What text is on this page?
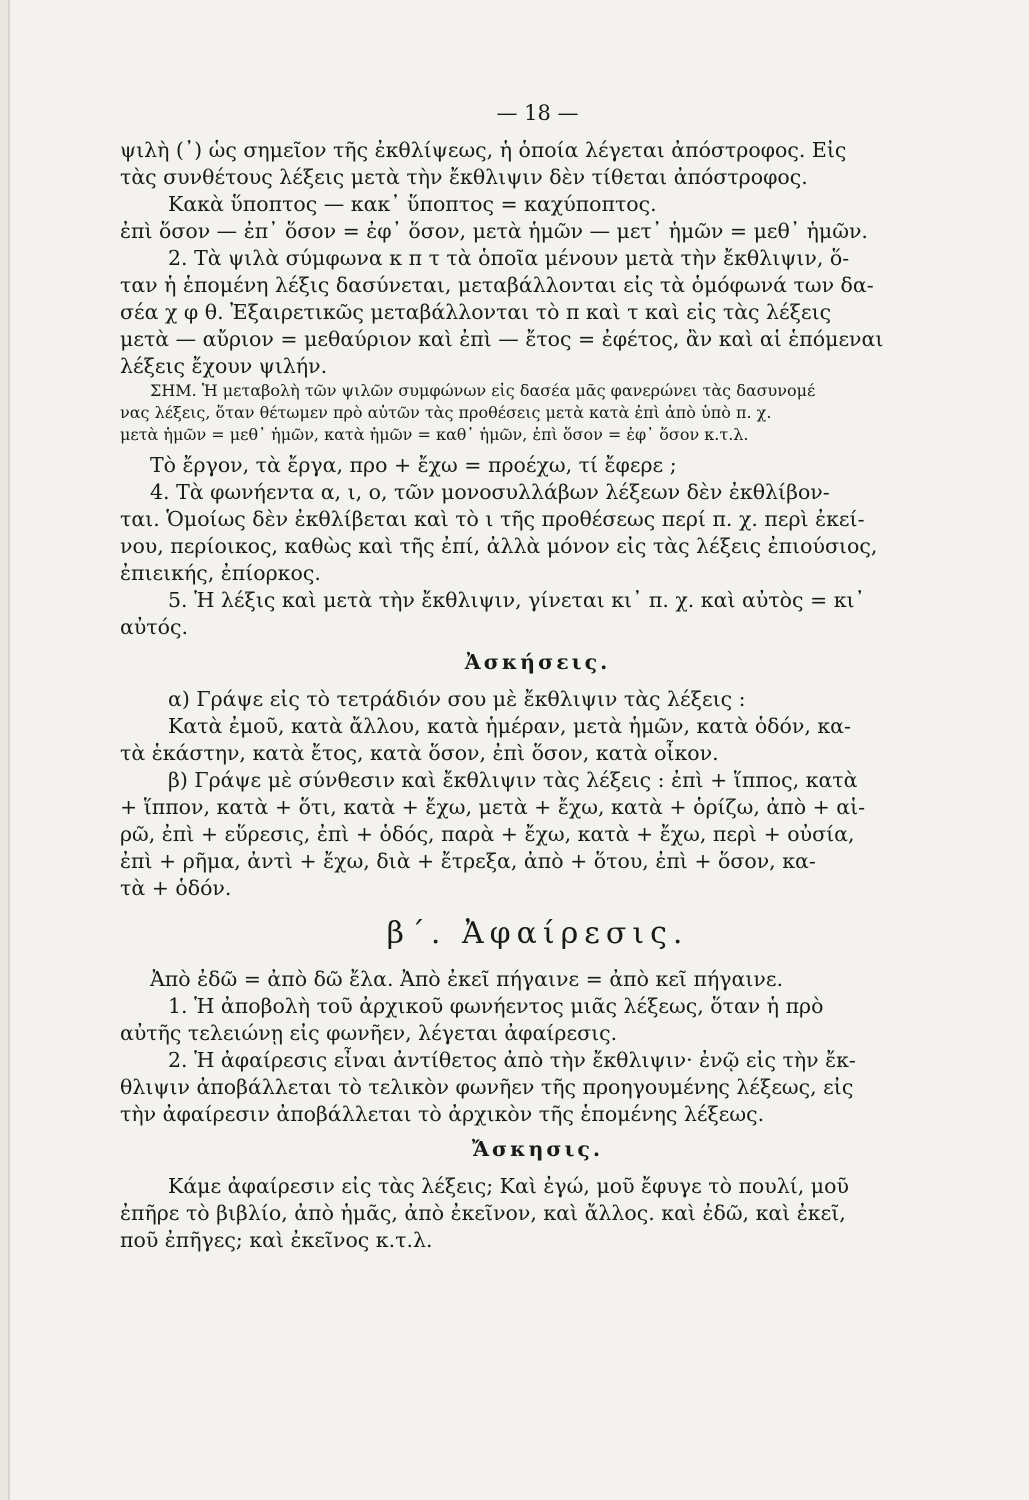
— 18 —
ψιλὴ (᾿) ὡς σημεῖον τῆς ἐκθλίψεως, ἡ ὁποία λέγεται ἀπόστροφος. Εἰς
τὰς συνθέτους λέξεις μετὰ τὴν ἔκθλιψιν δὲν τίθεται ἀπόστροφος.
Κακὰ ὕποπτος — κακ᾿ ὕποπτος = καχύποπτος.
ἐπὶ ὅσον — ἐπ᾿ ὅσον = ἐφ᾿ ὅσον, μετὰ ἡμῶν — μετ᾿ ἡμῶν = μεθ᾿ ἡμῶν.
2. Τὰ ψιλὰ σύμφωνα κ π τ τὰ ὁποῖα μένουν μετὰ τὴν ἔκθλιψιν, ὅ-
ταν ἡ ἑπομένη λέξις δασύνεται, μεταβάλλονται εἰς τὰ ὁμόφωνά των δα-
σέα χ φ θ. Ἐξαιρετικῶς μεταβάλλονται τὸ π καὶ τ καὶ εἰς τὰς λέξεις
μετὰ — αὔριον = μεθαύριον καὶ ἐπὶ — ἔτος = ἐφέτος, ἂν καὶ αἱ ἑπόμεναι
λέξεις ἔχουν ψιλήν.
ΣΗΜ. Ἡ μεταβολὴ τῶν ψιλῶν συμφώνων εἰς δασέα μᾶς φανερώνει τὰς δασυνομέ
νας λέξεις, ὅταν θέτωμεν πρὸ αὐτῶν τὰς προθέσεις μετὰ κατὰ ἐπὶ ἀπὸ ὑπὸ π. χ.
μετὰ ἡμῶν = μεθ᾿ ἡμῶν, κατὰ ἡμῶν = καθ᾿ ἡμῶν, ἐπὶ ὅσον = ἐφ᾿ ὅσον κ.τ.λ.
Τὸ ἔργον, τὰ ἔργα, προ + ἔχω = προέχω, τί ἔφερε ;
4. Τὰ φωνήεντα α, ι, ο, τῶν μονοσυλλάβων λέξεων δὲν ἐκθλίβον-
ται. Ὁμοίως δὲν ἐκθλίβεται καὶ τὸ ι τῆς προθέσεως περί π. χ. περὶ ἐκεί-
νου, περίοικος, καθὼς καὶ τῆς ἐπί, ἀλλὰ μόνον εἰς τὰς λέξεις ἐπιούσιος,
ἐπιεικής, ἐπίορκος.
5. Ἡ λέξις καὶ μετὰ τὴν ἔκθλιψιν, γίνεται κι᾿ π. χ. καὶ αὐτὸς = κι᾿
αὐτός.
Ἀσκήσεις.
α) Γράψε εἰς τὸ τετράδιόν σου μὲ ἔκθλιψιν τὰς λέξεις :
Κατὰ ἐμοῦ, κατὰ ἄλλου, κατὰ ἡμέραν, μετὰ ἡμῶν, κατὰ ὁδόν, κα-
τὰ ἑκάστην, κατὰ ἔτος, κατὰ ὅσον, ἐπὶ ὅσον, κατὰ οἶκον.
β) Γράψε μὲ σύνθεσιν καὶ ἔκθλιψιν τὰς λέξεις : ἐπὶ + ἵππος, κατὰ
+ ἵππον, κατὰ + ὅτι, κατὰ + ἔχω, μετὰ + ἔχω, κατὰ + ὁρίζω, ἀπὸ + αἱ-
ρῶ, ἐπὶ + εὕρεσις, ἐπὶ + ὁδός, παρὰ + ἔχω, κατὰ + ἔχω, περὶ + οὐσία,
ἐπὶ + ρῆμα, ἀντὶ + ἔχω, διὰ + ἔτρεξα, ἀπὸ + ὅτου, ἐπὶ + ὅσον, κα-
τὰ + ὁδόν.
β΄. Ἀφαίρεσις.
Ἀπὸ ἐδῶ = ἀπὸ δῶ ἔλα. Ἀπὸ ἐκεῖ πήγαινε = ἀπὸ κεῖ πήγαινε.
1. Ἡ ἀποβολὴ τοῦ ἀρχικοῦ φωνήεντος μιᾶς λέξεως, ὅταν ἡ πρὸ
αὐτῆς τελειώνῃ εἰς φωνῆεν, λέγεται ἀφαίρεσις.
2. Ἡ ἀφαίρεσις εἶναι ἀντίθετος ἀπὸ τὴν ἔκθλιψιν· ἐνῷ εἰς τὴν ἔκ-
θλιψιν ἀποβάλλεται τὸ τελικὸν φωνῆεν τῆς προηγουμένης λέξεως, εἰς
τὴν ἀφαίρεσιν ἀποβάλλεται τὸ ἀρχικὸν τῆς ἑπομένης λέξεως.
Ἄσκησις.
Κάμε ἀφαίρεσιν εἰς τὰς λέξεις; Καὶ ἐγώ, μοῦ ἔφυγε τὸ πουλί, μοῦ
ἐπῆρε τὸ βιβλίο, ἀπὸ ἡμᾶς, ἀπὸ ἐκεῖνον, καὶ ἄλλος. καὶ ἐδῶ, καὶ ἐκεῖ,
ποῦ ἐπῆγες; καὶ ἐκεῖνος κ.τ.λ.
